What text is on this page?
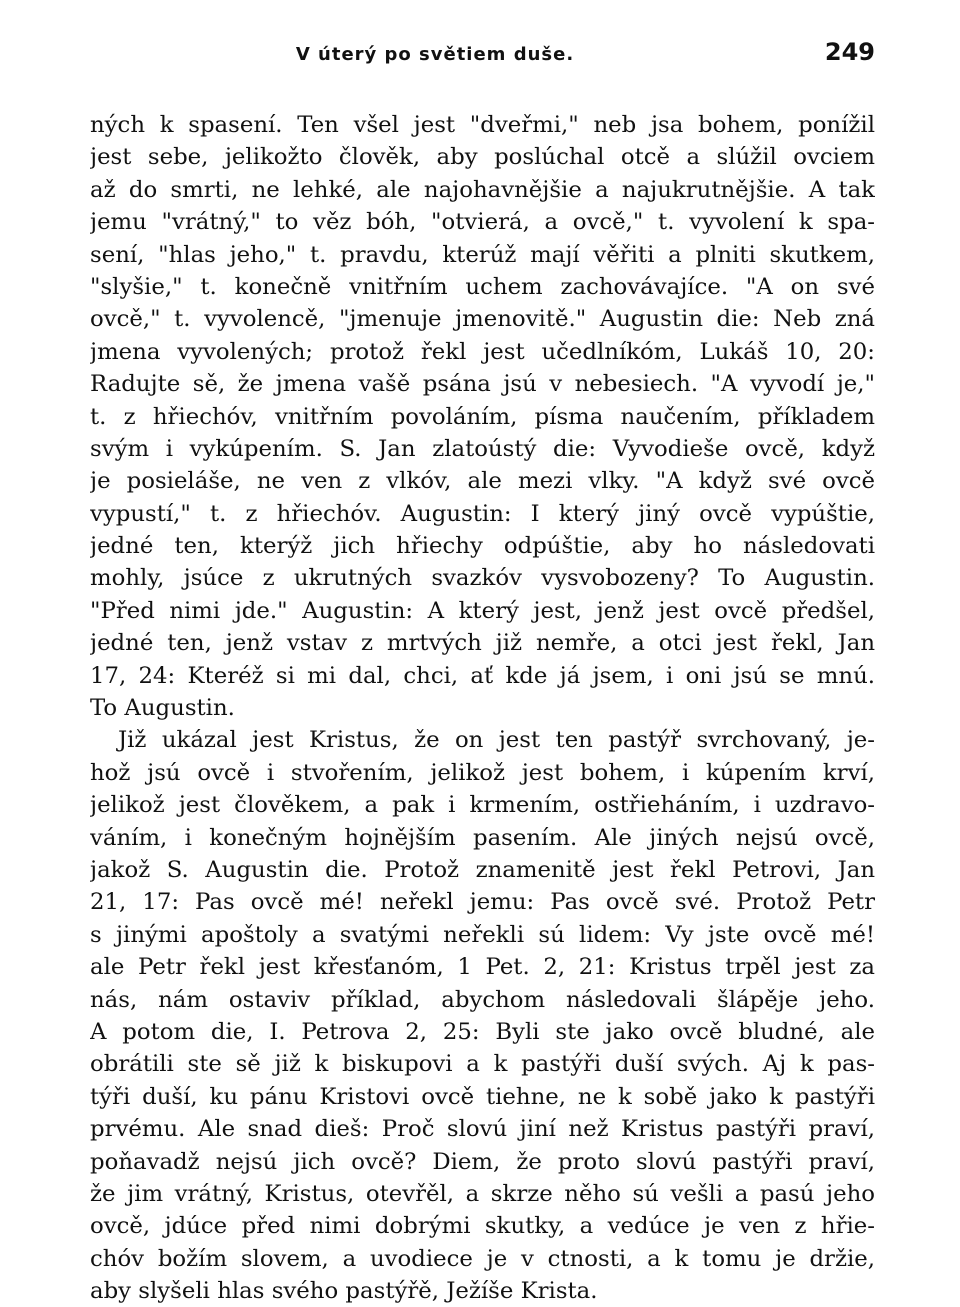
V úterý po světiem duše.	249
ných k spasení. Ten všel jest "dveřmi," neb jsa bohem, ponížil
jest sebe, jelikožto člověk, aby poslúchal otcě a slúžil ovciem
až do smrti, ne lehké, ale najohavnějšie a najukrutnějšie. A tak
jemu "vrátný," to věz bóh, "otvierá, a ovcě," t. vyvolení k spa-
sení, "hlas jeho," t. pravdu, kterúž mají věřiti a plniti skutkem,
"slyšie," t. konečně vnitřním uchem zachovávajíce. "A on své
ovcě," t. vyvolencě, "jmenuje jmenovitě." Augustin die: Neb zná
jmena vyvolených; protož řekl jest učedlníkóm, Lukáš 10, 20:
Radujte sě, že jmena vašě psána jsú v nebesiech. "A vyvodí je,"
t. z hřiechóv, vnitřním povoláním, písma naučením, příkladem
svým i vykúpením. S. Jan zlatoústý die: Vyvodieše ovcě, když
je posieláše, ne ven z vlkóv, ale mezi vlky. "A když své ovcě
vypustí," t. z hřiechóv. Augustin: I který jiný ovcě vypúštie,
jedné ten, kterýž jich hřiechy odpúštie, aby ho následovati
mohly, jsúce z ukrutných svazkóv vysvobozeny? To Augustin.
"Před nimi jde." Augustin: A který jest, jenž jest ovcě předšel,
jedné ten, jenž vstav z mrtvých již nemře, a otci jest řekl, Jan
17, 24: Kteréž si mi dal, chci, ať kde já jsem, i oni jsú se mnú.
To Augustin.
Již ukázal jest Kristus, že on jest ten pastýř svrchovaný, je-
hož jsú ovcě i stvořením, jelikož jest bohem, i kúpením krví,
jelikož jest člověkem, a pak i krmením, ostřieháním, i uzdravo-
váním, i konečným hojnějším pasením. Ale jiných nejsú ovcě,
jakož S. Augustin die. Protož znamenitě jest řekl Petrovi, Jan
21, 17: Pas ovcě mé! neřekl jemu: Pas ovcě své. Protož Petr
s jinými apoštoly a svatými neřekli sú lidem: Vy jste ovcě mé!
ale Petr řekl jest křesťanóm, 1 Pet. 2, 21: Kristus trpěl jest za
nás, nám ostaviv příklad, abychom následovali šlápěje jeho.
A potom die, I. Petrova 2, 25: Byli ste jako ovcě bludné, ale
obrátili ste sě již k biskupovi a k pastýři duší svých. Aj k pas-
týři duší, ku pánu Kristovi ovcě tiehne, ne k sobě jako k pastýři
prvému. Ale snad dieš: Proč slovú jiní než Kristus pastýři praví,
poňavadž nejsú jich ovcě? Diem, že proto slovú pastýři praví,
že jim vrátný, Kristus, otevřěl, a skrze něho sú vešli a pasú jeho
ovcě, jdúce před nimi dobrými skutky, a vedúce je ven z hřie-
chóv božím slovem, a uvodiece je v ctnosti, a k tomu je držie,
aby slyšeli hlas svého pastýřě, Ježíše Krista.
